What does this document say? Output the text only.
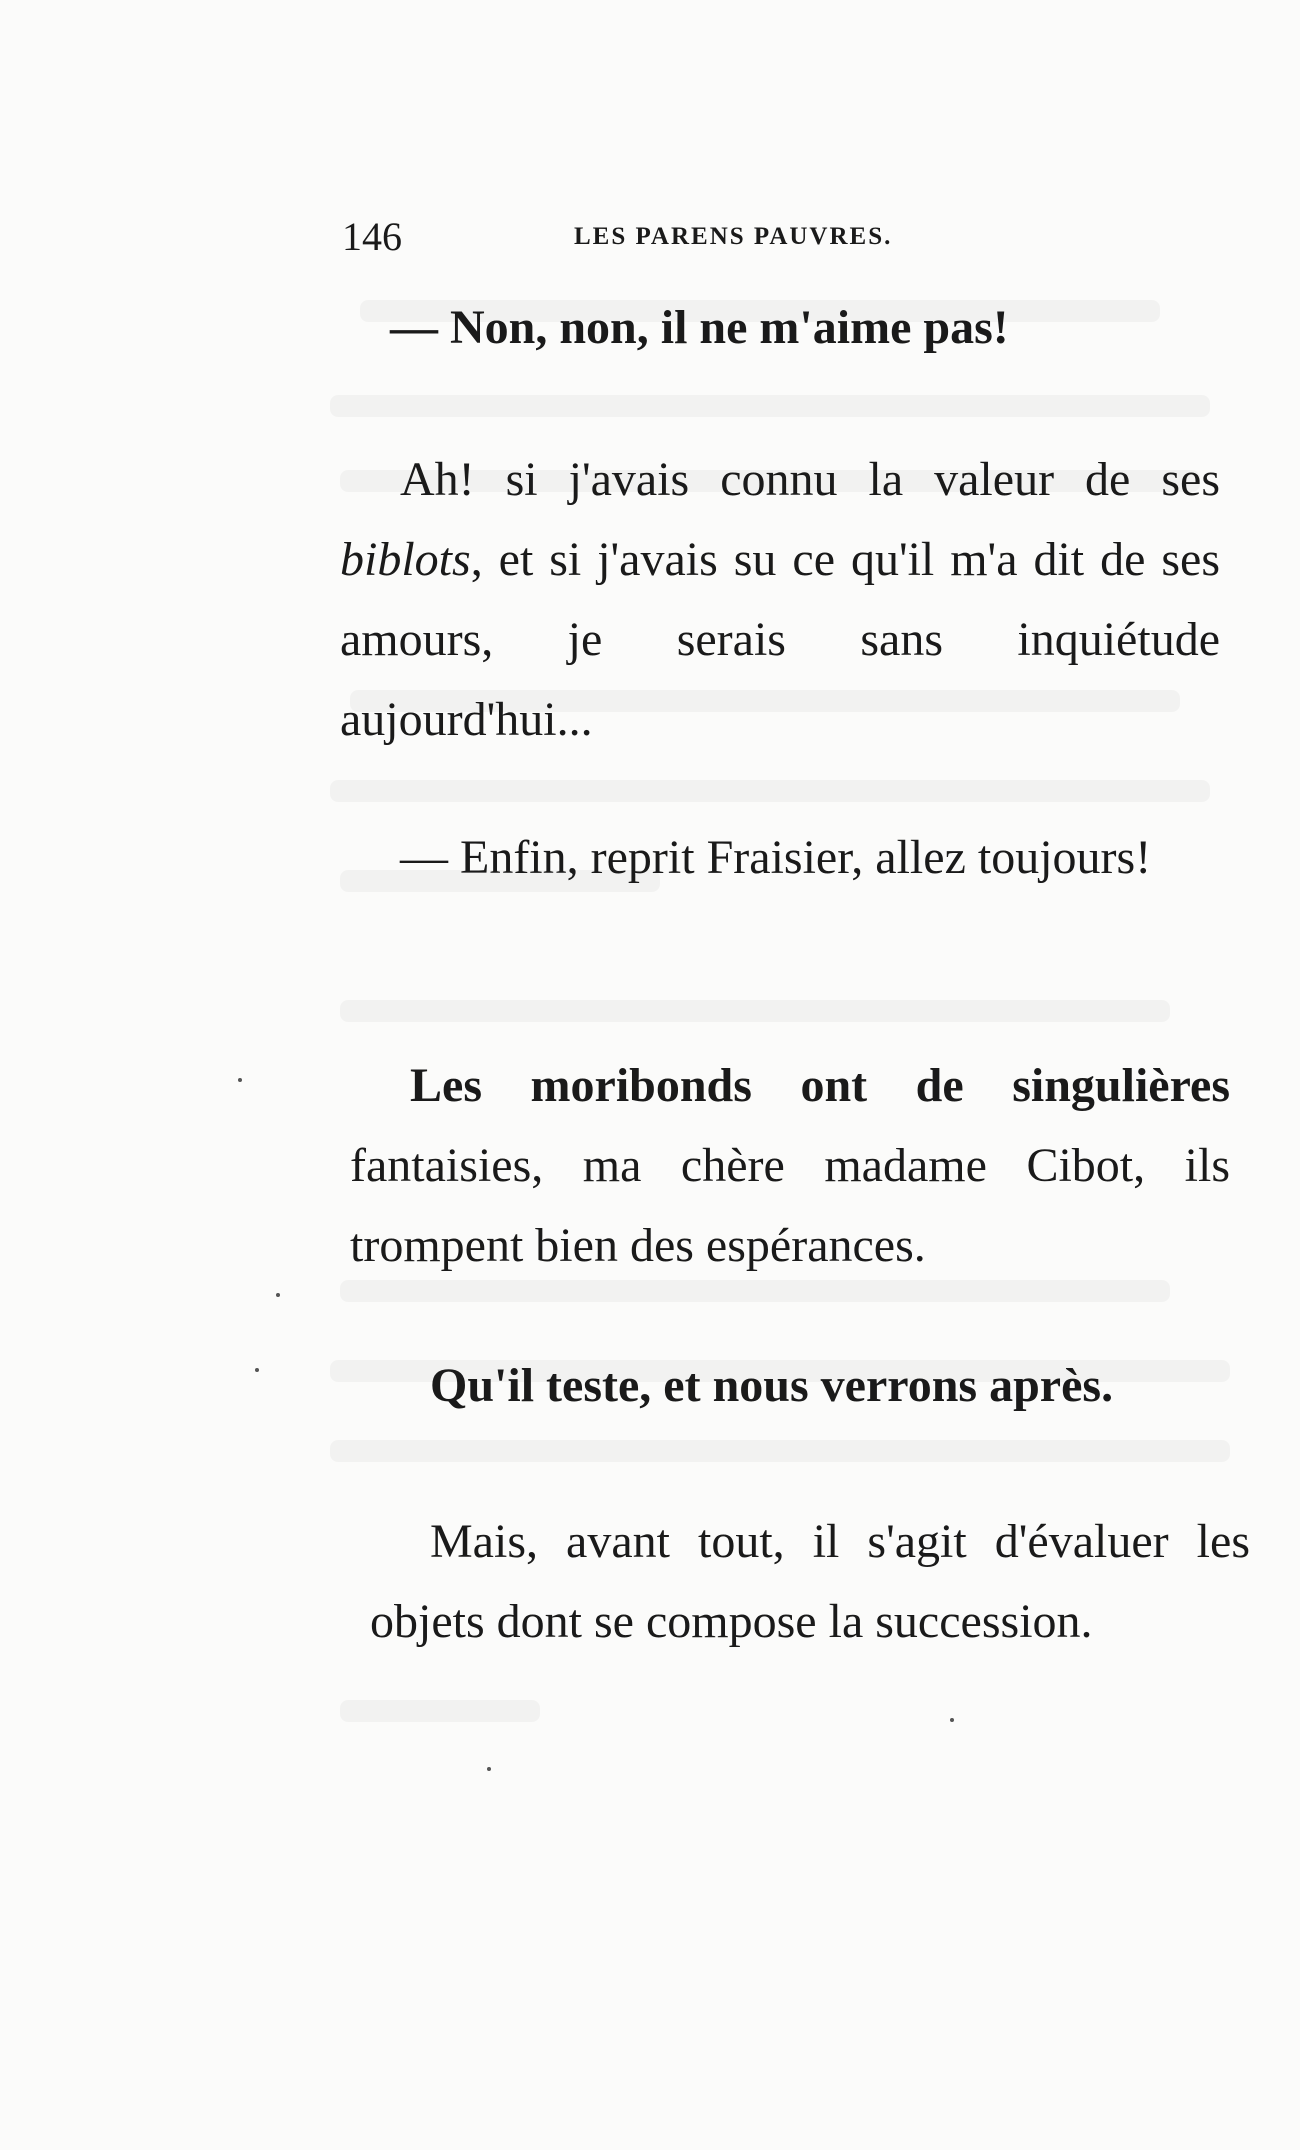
146	LES PARENS PAUVRES.

— Non, non, il ne m'aime pas!

Ah! si j'avais connu la valeur de ses biblots, et si j'avais su ce qu'il m'a dit de ses amours, je serais sans inquiétude aujourd'hui...

— Enfin, reprit Fraisier, allez toujours!

Les moribonds ont de singulières fantaisies, ma chère madame Cibot, ils trompent bien des espérances.

Qu'il teste, et nous verrons après.

Mais, avant tout, il s'agit d'évaluer les objets dont se compose la succession.
